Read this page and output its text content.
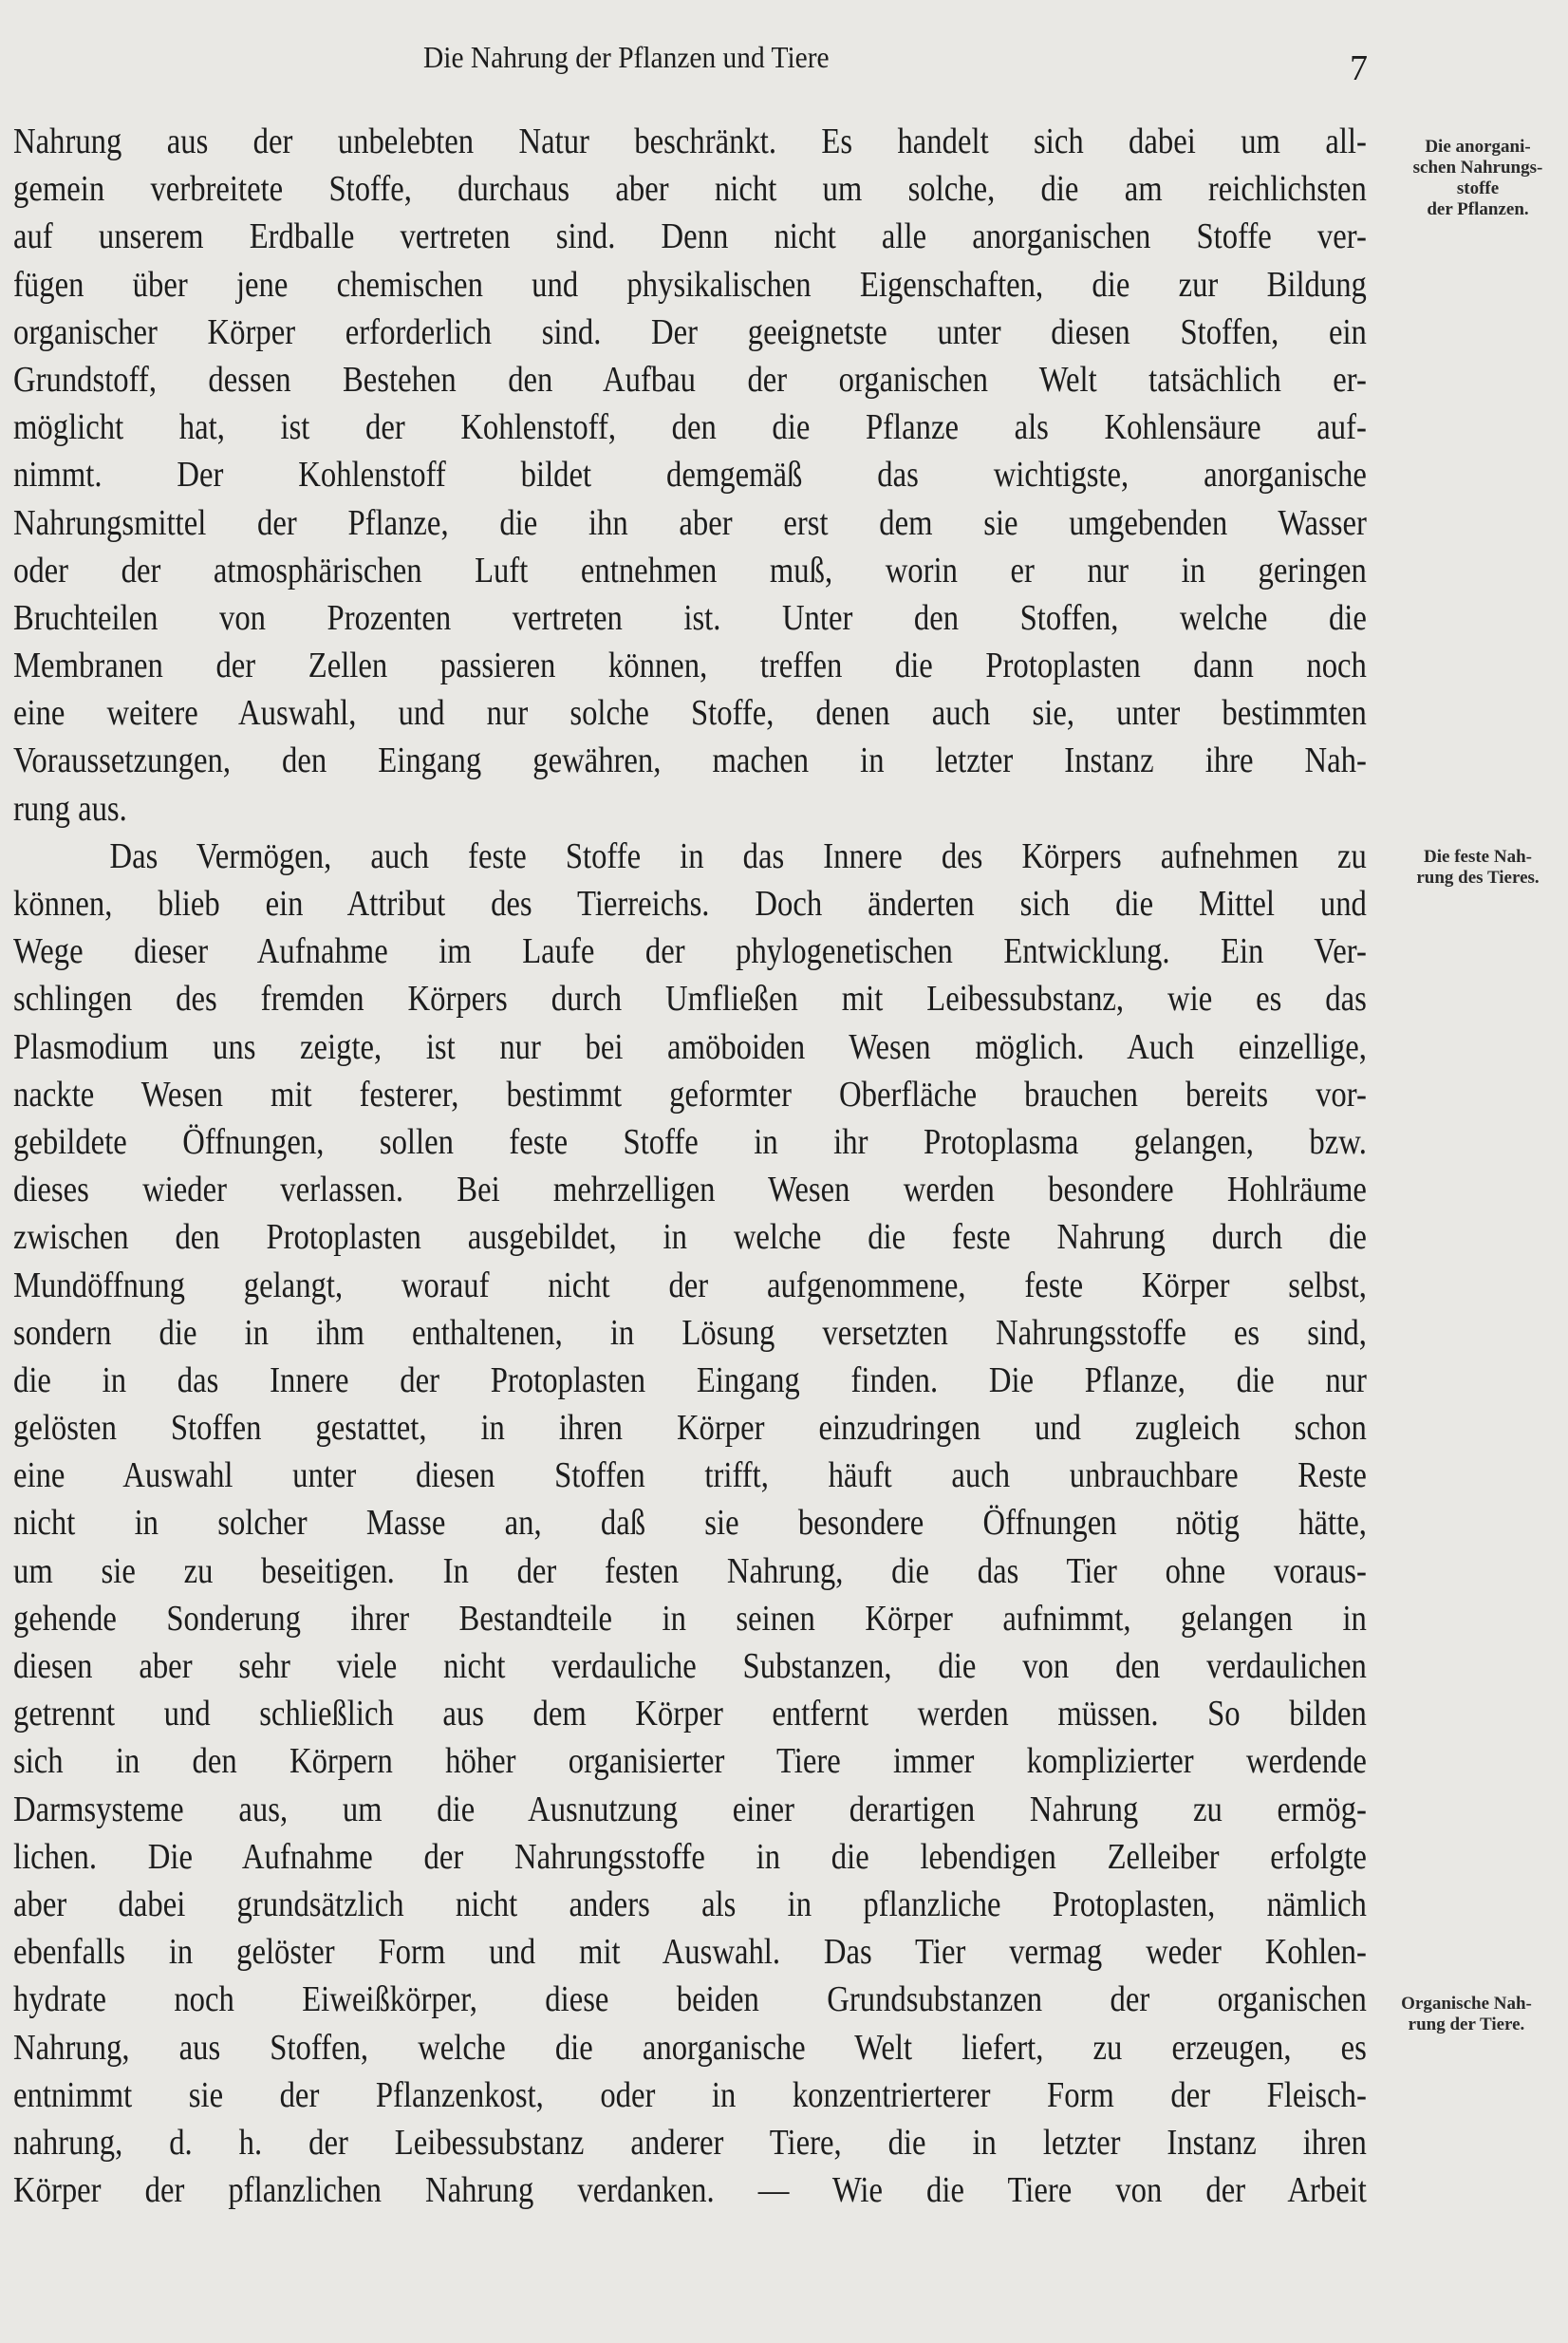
Die Nahrung der Pflanzen und Tiere	7
Die anorgani-
schen Nahrungs-
stoffe
der Pflanzen.
Die feste Nah-
rung des Tieres.
Organische Nah-
rung der Tiere.
Nahrung aus der unbelebten Natur beschränkt. Es handelt sich dabei um all-
gemein verbreitete Stoffe, durchaus aber nicht um solche, die am reichlichsten
auf unserem Erdballe vertreten sind. Denn nicht alle anorganischen Stoffe ver-
fügen über jene chemischen und physikalischen Eigenschaften, die zur Bildung
organischer Körper erforderlich sind. Der geeignetste unter diesen Stoffen, ein
Grundstoff, dessen Bestehen den Aufbau der organischen Welt tatsächlich er-
möglicht hat, ist der Kohlenstoff, den die Pflanze als Kohlensäure auf-
nimmt. Der Kohlenstoff bildet demgemäß das wichtigste, anorganische
Nahrungsmittel der Pflanze, die ihn aber erst dem sie umgebenden Wasser
oder der atmosphärischen Luft entnehmen muß, worin er nur in geringen
Bruchteilen von Prozenten vertreten ist. Unter den Stoffen, welche die
Membranen der Zellen passieren können, treffen die Protoplasten dann noch
eine weitere Auswahl, und nur solche Stoffe, denen auch sie, unter bestimmten
Voraussetzungen, den Eingang gewähren, machen in letzter Instanz ihre Nah-
rung aus.
Das Vermögen, auch feste Stoffe in das Innere des Körpers aufnehmen zu
können, blieb ein Attribut des Tierreichs. Doch änderten sich die Mittel und
Wege dieser Aufnahme im Laufe der phylogenetischen Entwicklung. Ein Ver-
schlingen des fremden Körpers durch Umfließen mit Leibessubstanz, wie es das
Plasmodium uns zeigte, ist nur bei amöboiden Wesen möglich. Auch einzellige,
nackte Wesen mit festerer, bestimmt geformter Oberfläche brauchen bereits vor-
gebildete Öffnungen, sollen feste Stoffe in ihr Protoplasma gelangen, bzw.
dieses wieder verlassen. Bei mehrzelligen Wesen werden besondere Hohlräume
zwischen den Protoplasten ausgebildet, in welche die feste Nahrung durch die
Mundöffnung gelangt, worauf nicht der aufgenommene, feste Körper selbst,
sondern die in ihm enthaltenen, in Lösung versetzten Nahrungsstoffe es sind,
die in das Innere der Protoplasten Eingang finden. Die Pflanze, die nur
gelösten Stoffen gestattet, in ihren Körper einzudringen und zugleich schon
eine Auswahl unter diesen Stoffen trifft, häuft auch unbrauchbare Reste
nicht in solcher Masse an, daß sie besondere Öffnungen nötig hätte,
um sie zu beseitigen. In der festen Nahrung, die das Tier ohne voraus-
gehende Sonderung ihrer Bestandteile in seinen Körper aufnimmt, gelangen in
diesen aber sehr viele nicht verdauliche Substanzen, die von den verdaulichen
getrennt und schließlich aus dem Körper entfernt werden müssen. So bilden
sich in den Körpern höher organisierter Tiere immer komplizierter werdende
Darmsysteme aus, um die Ausnutzung einer derartigen Nahrung zu ermög-
lichen. Die Aufnahme der Nahrungsstoffe in die lebendigen Zelleiber erfolgte
aber dabei grundsätzlich nicht anders als in pflanzliche Protoplasten, nämlich
ebenfalls in gelöster Form und mit Auswahl. Das Tier vermag weder Kohlen-
hydrate noch Eiweißkörper, diese beiden Grundsubstanzen der organischen
Nahrung, aus Stoffen, welche die anorganische Welt liefert, zu erzeugen, es
entnimmt sie der Pflanzenkost, oder in konzentrierterer Form der Fleisch-
nahrung, d. h. der Leibessubstanz anderer Tiere, die in letzter Instanz ihren
Körper der pflanzlichen Nahrung verdanken. — Wie die Tiere von der Arbeit
